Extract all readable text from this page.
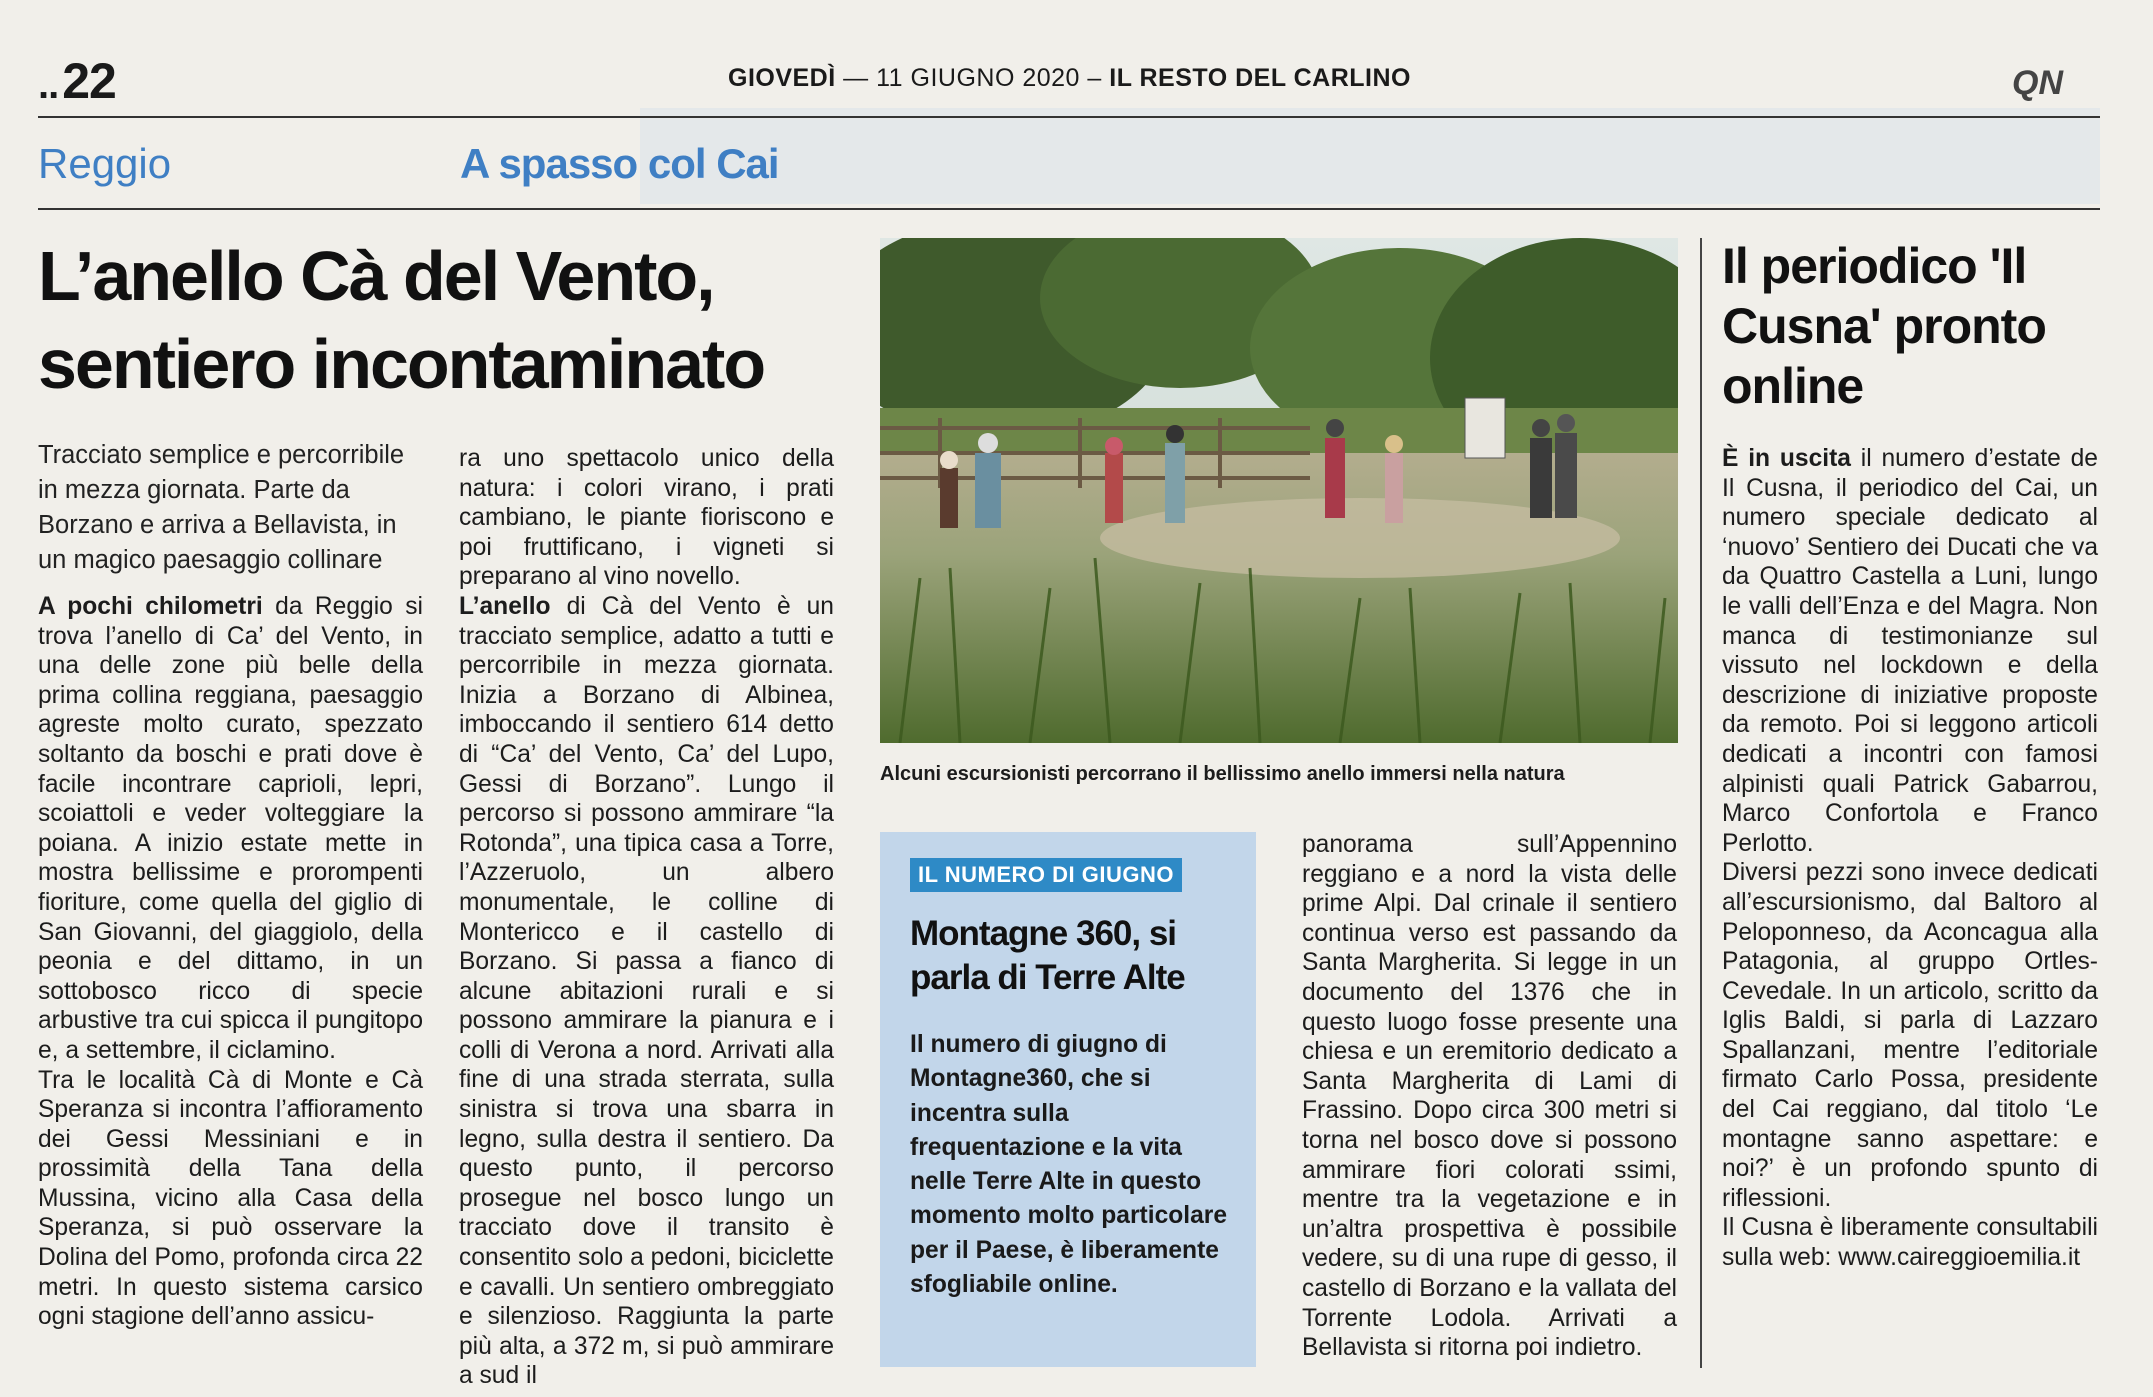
..22	GIOVEDÌ — 11 GIUGNO 2020 – IL RESTO DEL CARLINO	QN
Reggio	A spasso col Cai
L’anello Cà del Vento, sentiero incontaminato
Tracciato semplice e percorribile in mezza giornata. Parte da Borzano e arriva a Bellavista, in un magico paesaggio collinare

A pochi chilometri da Reggio si trova l’anello di Ca’ del Vento, in una delle zone più belle della prima collina reggiana, paesaggio agreste molto curato, spezzato soltanto da boschi e prati dove è facile incontrare caprioli, lepri, scoiattoli e veder volteggiare la poiana. A inizio estate mette in mostra bellissime e prorompenti fioriture, come quella del giglio di San Giovanni, del giaggiolo, della peonia e del dittamo, in un sottobosco ricco di specie arbustive tra cui spicca il pungitopo e, a settembre, il ciclamino.

Tra le località Cà di Monte e Cà Speranza si incontra l’affioramento dei Gessi Messiniani e in prossimità della Tana della Mussina, vicino alla Casa della Speranza, si può osservare la Dolina del Pomo, profonda circa 22 metri. In questo sistema carsico ogni stagione dell’anno assicu-

ra uno spettacolo unico della natura: i colori virano, i prati cambiano, le piante fioriscono e poi fruttificano, i vigneti si preparano al vino novello.

L’anello di Cà del Vento è un tracciato semplice, adatto a tutti e percorribile in mezza giornata. Inizia a Borzano di Albinea, imboccando il sentiero 614 detto di “Ca’ del Vento, Ca’ del Lupo, Gessi di Borzano”. Lungo il percorso si possono ammirare “la Rotonda”, una tipica casa a Torre, l’Azzeruolo, un albero monumentale, le colline di Montericco e il castello di Borzano. Si passa a fianco di alcune abitazioni rurali e si possono ammirare la pianura e i colli di Verona a nord. Arrivati alla fine di una strada sterrata, sulla sinistra si trova una sbarra in legno, sulla destra il sentiero. Da questo punto, il percorso prosegue nel bosco lungo un tracciato dove il transito è consentito solo a pedoni, biciclette e cavalli. Un sentiero ombreggiato e silenzioso. Raggiunta la parte più alta, a 372 m, si può ammirare a sud il

Alcuni escursionisti percorrano il bellissimo anello immersi nella natura
IL NUMERO DI GIUGNO
Montagne 360, si parla di Terre Alte
Il numero di giugno di Montagne360, che si incentra sulla frequentazione e la vita nelle Terre Alte in questo momento molto particolare per il Paese, è liberamente sfogliabile online.

panorama sull’Appennino reggiano e a nord la vista delle prime Alpi. Dal crinale il sentiero continua verso est passando da Santa Margherita. Si legge in un documento del 1376 che in questo luogo fosse presente una chiesa e un eremitorio dedicato a Santa Margherita di Lami di Frassino. Dopo circa 300 metri si torna nel bosco dove si possono ammirare fiori colorati ssimi, mentre tra la vegetazione e in un’altra prospettiva è possibile vedere, su di una rupe di gesso, il castello di Borzano e la vallata del Torrente Lodola. Arrivati a Bellavista si ritorna poi indietro.

Il periodico 'Il Cusna' pronto online

È in uscita il numero d’estate de Il Cusna, il periodico del Cai, un numero speciale dedicato al ‘nuovo’ Sentiero dei Ducati che va da Quattro Castella a Luni, lungo le valli dell’Enza e del Magra. Non manca di testimonianze sul vissuto nel lockdown e della descrizione di iniziative proposte da remoto. Poi si leggono articoli dedicati a incontri con famosi alpinisti quali Patrick Gabarrou, Marco Confortola e Franco Perlotto.

Diversi pezzi sono invece dedicati all’escursionismo, dal Baltoro al Peloponneso, da Aconcagua alla Patagonia, al gruppo Ortles-Cevedale. In un articolo, scritto da Iglis Baldi, si parla di Lazzaro Spallanzani, mentre l’editoriale firmato Carlo Possa, presidente del Cai reggiano, dal titolo ‘Le montagne sanno aspettare: e noi?’ è un profondo spunto di riflessioni.

Il Cusna è liberamente consultabili sulla web: www.caireggioemilia.it
